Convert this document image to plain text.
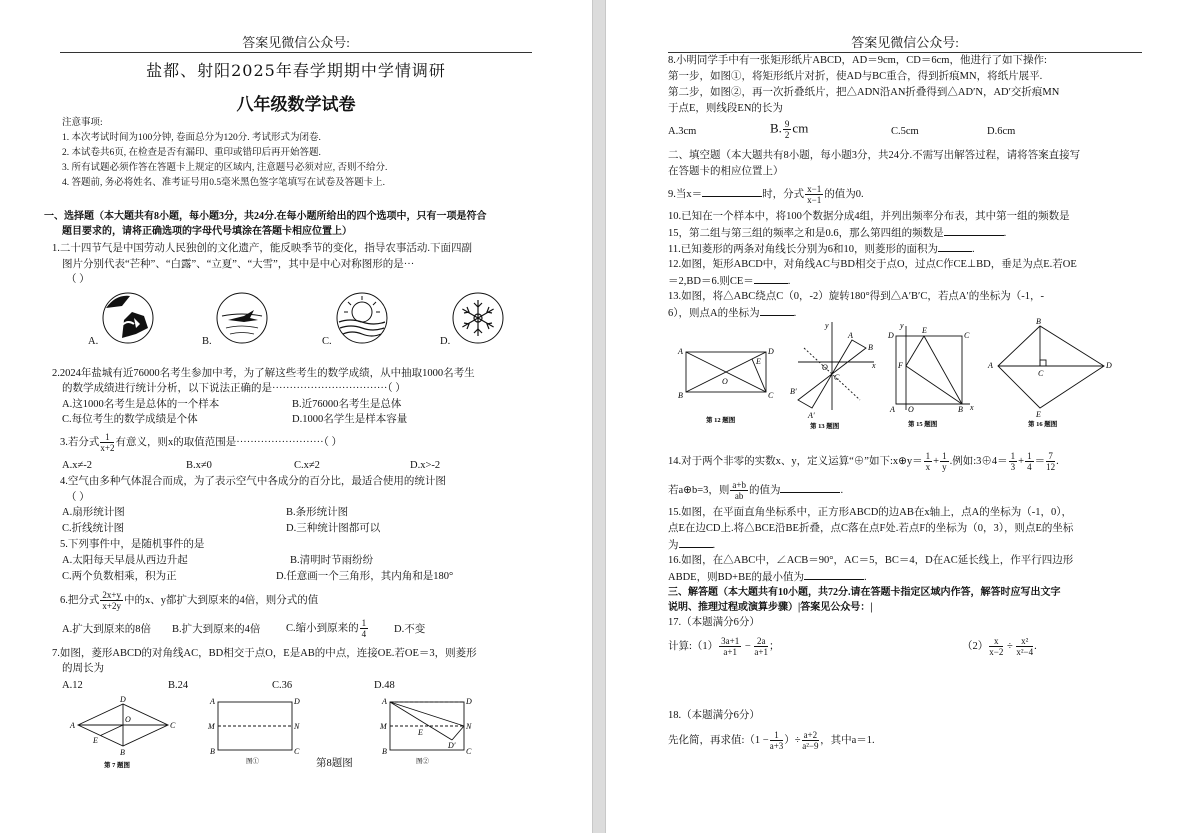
答案见微信公众号:
盐都、射阳2025年春学期期中学情调研
八年级数学试卷
注意事项:
1. 本次考试时间为100分钟, 卷面总分为120分. 考试形式为闭卷.
2. 本试卷共6页, 在检查是否有漏印、重印或错印后再开始答题.
3. 所有试题必须作答在答题卡上规定的区域内, 注意题号必须对应, 否则不给分.
4. 答题前, 务必将姓名、准考证号用0.5毫米黑色签字笔填写在试卷及答题卡上.
一、选择题（本大题共有8小题，每小题3分，共24分.在每小题所给出的四个选项中，只有一项是符合
题目要求的，请将正确选项的字母代号填涂在答题卡相应位置上）
1.二十四节气是中国劳动人民独创的文化遗产，能反映季节的变化，指导农事活动.下面四副
图片分别代表“芒种”、“白露”、“立夏”、“大雪”，其中是中心对称图形的是···
（ ）
A.	B.	C.	D.
2.2024年盐城有近76000名考生参加中考，为了解这些考生的数学成绩，从中抽取1000名考生
的数学成绩进行统计分析，以下说法正确的是·································（ ）
A.这1000名考生是总体的一个样本	B.近76000名考生是总体
C.每位考生的数学成绩是个体	D.1000名学生是样本容量
3.若分式 $\frac{1}{x+2}$ 有意义，则x的取值范围是·························（ ）
A.x≠-2	B.x≠0	C.x≠2	D.x>-2
4.空气由多种气体混合而成，为了表示空气中各成分的百分比，最适合使用的统计图
（ ）
A.扇形统计图	B.条形统计图
C.折线统计图	D.三种统计图都可以
5.下列事件中，是随机事件的是
A.太阳每天早晨从西边升起	B.清明时节雨纷纷
C.两个负数相乘，积为正	D.任意画一个三角形，其内角和是180°
6.把分式 $\frac{2x+y}{x+2y}$ 中的x、y都扩大到原来的4倍，则分式的值
A.扩大到原来的8倍 B.扩大到原来的4倍 C.缩小到原来的 $\frac{1}{4} D$.不变
7.如图，菱形ABCD的对角线AC，BD相交于点O，E是AB的中点，连接OE.若OE＝3，则菱形
的周长为
A.12	B.24	C.36	D.48
A
D
C
B
O
E
第 7 题图
A	D
M	N
B	C
图①	第8题图
A	D
M	N
B	C
E
D′
图②
答案见微信公众号:
8.小明同学手中有一张矩形纸片ABCD，AD＝9cm，CD＝6cm，他进行了如下操作:
第一步，如图①，将矩形纸片对折，使AD与BC重合，得到折痕MN，将纸片展平.
第二步，如图②，再一次折叠纸片，把△ADN沿AN折叠得到△AD′N，AD′交折痕MN
于点E，则线段EN的长为
A.3cm	B. $\frac{9}{2}$ cm	C.5cm	D.6cm
二、填空题（本大题共有8小题，每小题3分，共24分.不需写出解答过程，请将答案直接写
在答题卡的相应位置上）
9.当x＝	时，分式 $\frac{x-1}{x-1}$ 的值为0.
10.已知在一个样本中，将100个数据分成4组，并列出频率分布表，其中第一组的频数是
15，第二组与第三组的频率之和是0.6，那么第四组的频数是	.
11.已知菱形的两条对角线长分别为6和10，则菱形的面积为	.
12.如图，矩形ABCD中，对角线AC与BD相交于点O，过点C作CE⊥BD，垂足为点E.若OE
＝2,BD＝6.则CE＝	.
13.如图，将△ABC绕点C（0，-2）旋转180°得到△A′B′C，若点A′的坐标为（-1，-
6），则点A的坐标为	.
A	D
B	C
O
E
第 12 题图
y
x
O
C
A
B
B′
A′
第 13 题图
y
x
D
E
C
F
A O	B
第 15 题图
A
B
D
C
E
第 16 题图
14.对于两个非零的实数x、y，定义运算“⊕”如下:x⊕y＝ $\frac{1}{x} + \frac{1}{y}$ .例如:3⊕4＝ $\frac{1}{3} + \frac{1}{4} = \frac{7}{12}$ .
若a⊕b=3，则 $\frac{a+b}{ab}$ 的值为	.
15.如图，在平面直角坐标系中，正方形ABCD的边AB在x轴上，点A的坐标为（-1，0），
点E在边CD上.将△BCE沿BE折叠，点C落在点F处.若点F的坐标为（0，3），则点E的坐标
为	.
16.如图，在△ABC中，∠ACB＝90°，AC＝5，BC＝4，D在AC延长线上，作平行四边形
ABDE，则BD+BE的最小值为	.
三、解答题（本大题共有10小题，共72分.请在答题卡指定区域内作答，解答时应写出文字
说明、推理过程或演算步骤）|答案见公众号：|
17.（本题满分6分）
计算:（1） $\frac{3a+1}{a+1} - \frac{2a}{a+1}$ ；	$(2) \frac{x}{x-2} \div \frac{\text{x²}}{\text{x²−4}}$ .
18.（本题满分6分）
先化简，再求值:（1 − $\frac{1}{a+3}$ ）÷ $\frac{a+2}{\text{a²−9}}$ ，其中a＝1.
